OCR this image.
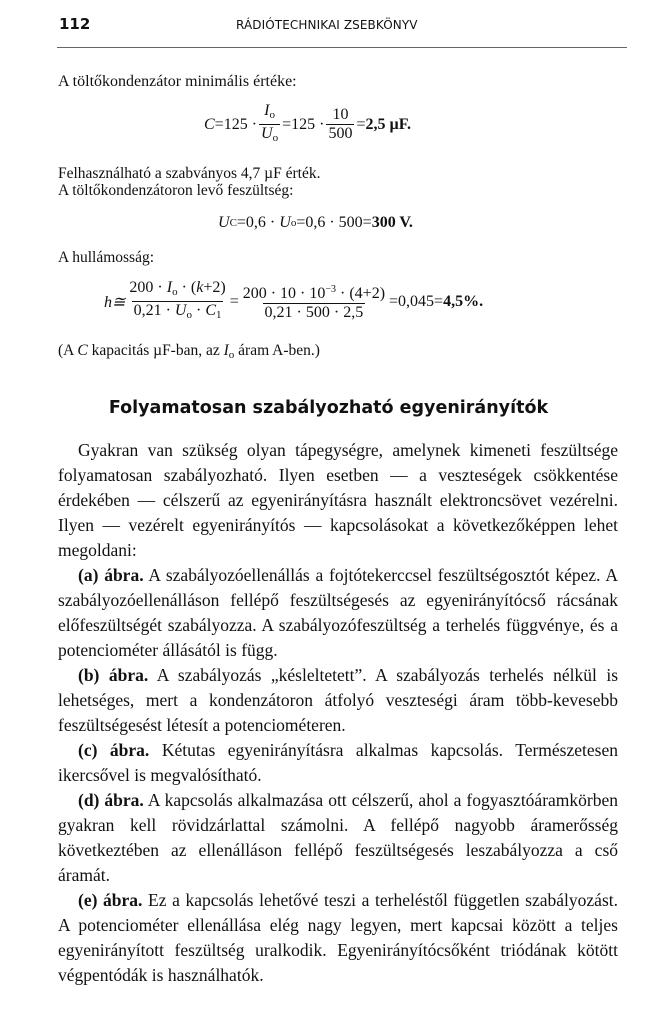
112	RÁDIÓTECHNIKAI ZSEBKÖNYV
A töltőkondenzátor minimális értéke:
$C =125 \cdot \frac{I_o}{U_o} =125 \cdot \frac{10}{500} = 2,5$ µF.
Felhasználható a szabványos 4,7 µF érték.
A töltőkondenzátoron levő feszültség:
U C =0,6 · U o =0,6 · 500= 300 V.
A hullámosság:
h≅ $\frac{200 \cdot I_o \cdot (k+2)}{0,21 \cdot U_o \cdot C_1} = \frac{200 \cdot 10 \cdot 10^{-3} \cdot (4+2)}{0,21 \cdot 500 \cdot 2,5} =0,045= 4,5\%$.
(A C kapacitás µF-ban, az $I_o$ áram A-ben.)
Folyamatosan szabályozható egyenirányítók

Gyakran van szükség olyan tápegységre, amelynek kimeneti feszültsége folyamatosan szabályozható. Ilyen esetben — a veszteségek csökkentése érdekében — célszerű az egyenirányításra használt elektroncsövet vezérelni. Ilyen — vezérelt egyenirányítós — kapcsolásokat a következőképpen lehet megoldani:

(a) ábra. A szabályozóellenállás a fojtótekerccsel feszültségosztót képez. A szabályozóellenálláson fellépő feszültségesés az egyenirányítócső rácsának előfeszültségét szabályozza. A szabályozófeszültség a terhelés függvénye, és a potenciométer állásától is függ.

(b) ábra. A szabályozás „késleltetett”. A szabályozás terhelés nélkül is lehetséges, mert a kondenzátoron átfolyó veszteségi áram több-kevesebb feszültségesést létesít a potenciométeren.

(c) ábra. Kétutas egyenirányításra alkalmas kapcsolás. Természetesen ikercsővel is megvalósítható.

(d) ábra. A kapcsolás alkalmazása ott célszerű, ahol a fogyasztóáramkörben gyakran kell rövidzárlattal számolni. A fellépő nagyobb áramerősség következtében az ellenálláson fellépő feszültségesés leszabályozza a cső áramát.

(e) ábra. Ez a kapcsolás lehetővé teszi a terheléstől független szabályozást. A potenciométer ellenállása elég nagy legyen, mert kapcsai között a teljes egyenirányított feszültség uralkodik. Egyenirányítócsőként triódának kötött végpentódák is használhatók.
